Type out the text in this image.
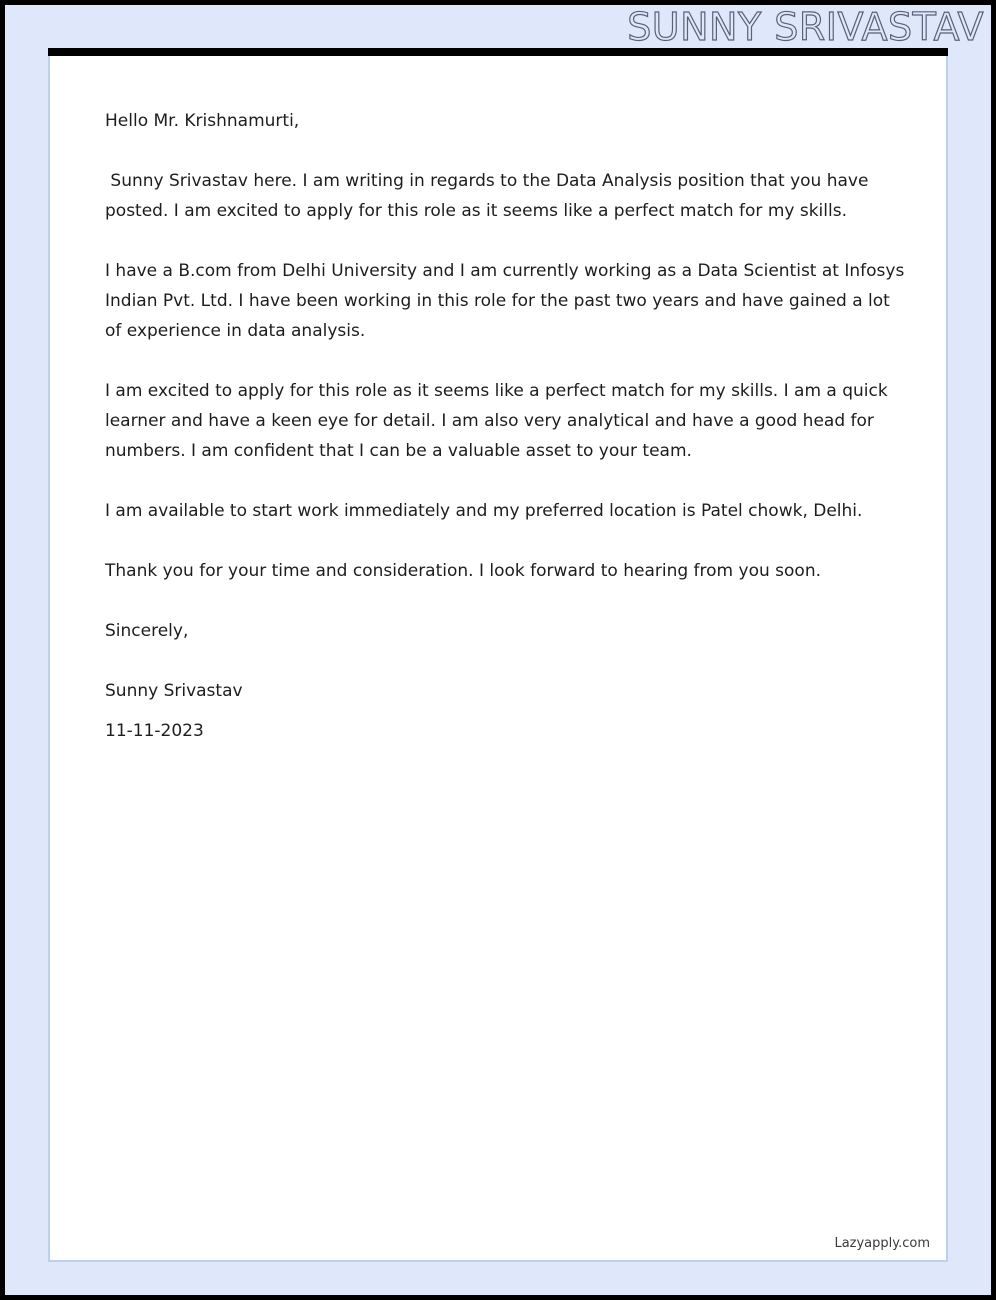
SUNNY SRIVASTAV

Hello Mr. Krishnamurti,

Sunny Srivastav here. I am writing in regards to the Data Analysis position that you have posted. I am excited to apply for this role as it seems like a perfect match for my skills.

I have a B.com from Delhi University and I am currently working as a Data Scientist at Infosys Indian Pvt. Ltd. I have been working in this role for the past two years and have gained a lot of experience in data analysis.

I am excited to apply for this role as it seems like a perfect match for my skills. I am a quick learner and have a keen eye for detail. I am also very analytical and have a good head for numbers. I am confident that I can be a valuable asset to your team.

I am available to start work immediately and my preferred location is Patel chowk, Delhi.

Thank you for your time and consideration. I look forward to hearing from you soon.

Sincerely,

Sunny Srivastav

11-11-2023

Lazyapply.com
